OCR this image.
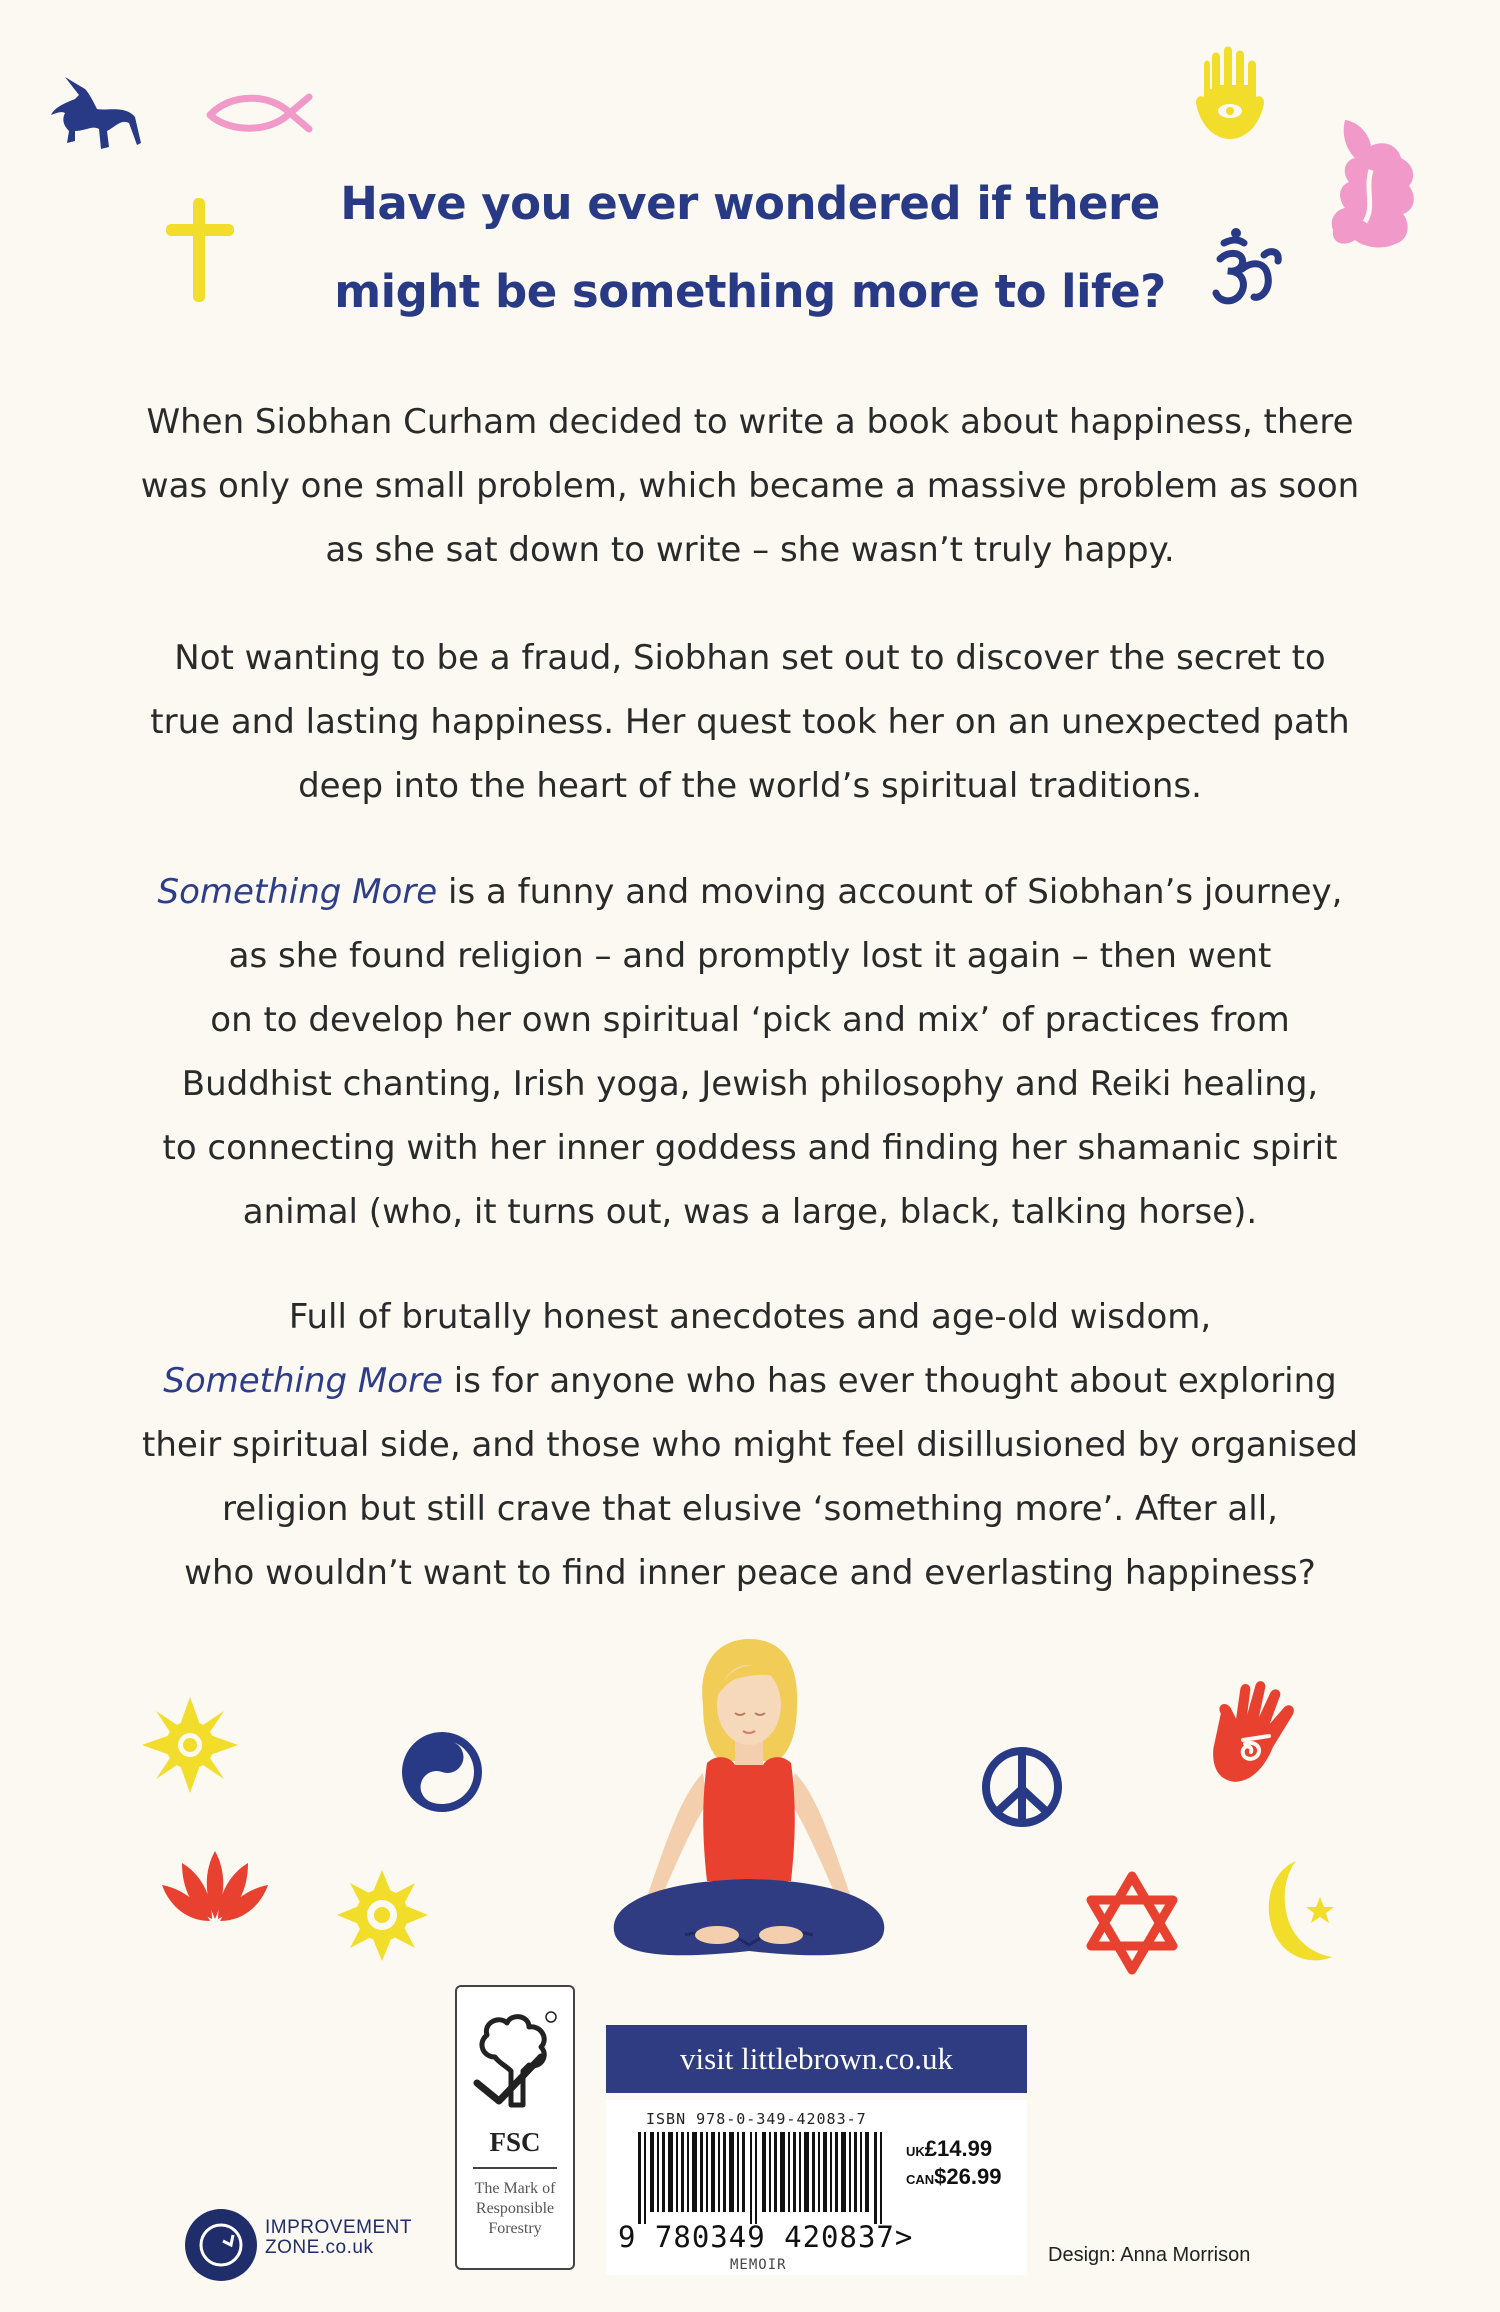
Have you ever wondered if there
might be something more to life?
When Siobhan Curham decided to write a book about happiness, there
was only one small problem, which became a massive problem as soon
as she sat down to write – she wasn’t truly happy.
Not wanting to be a fraud, Siobhan set out to discover the secret to
true and lasting happiness. Her quest took her on an unexpected path
deep into the heart of the world’s spiritual traditions.
Something More is a funny and moving account of Siobhan’s journey,
as she found religion – and promptly lost it again – then went
on to develop her own spiritual ‘pick and mix’ of practices from
Buddhist chanting, Irish yoga, Jewish philosophy and Reiki healing,
to connecting with her inner goddess and finding her shamanic spirit
animal (who, it turns out, was a large, black, talking horse).
Full of brutally honest anecdotes and age-old wisdom,
Something More is for anyone who has ever thought about exploring
their spiritual side, and those who might feel disillusioned by organised
religion but still crave that elusive ‘something more’. After all,
who wouldn’t want to find inner peace and everlasting happiness?
FSC
The Mark of
Responsible
Forestry
visit littlebrown.co.uk
ISBN 978-0-349-42083-7
9 780349 420837>
MEMOIR
UK£14.99
CAN$26.99
IMPROVEMENT
ZONE.co.uk	Design: Anna Morrison
